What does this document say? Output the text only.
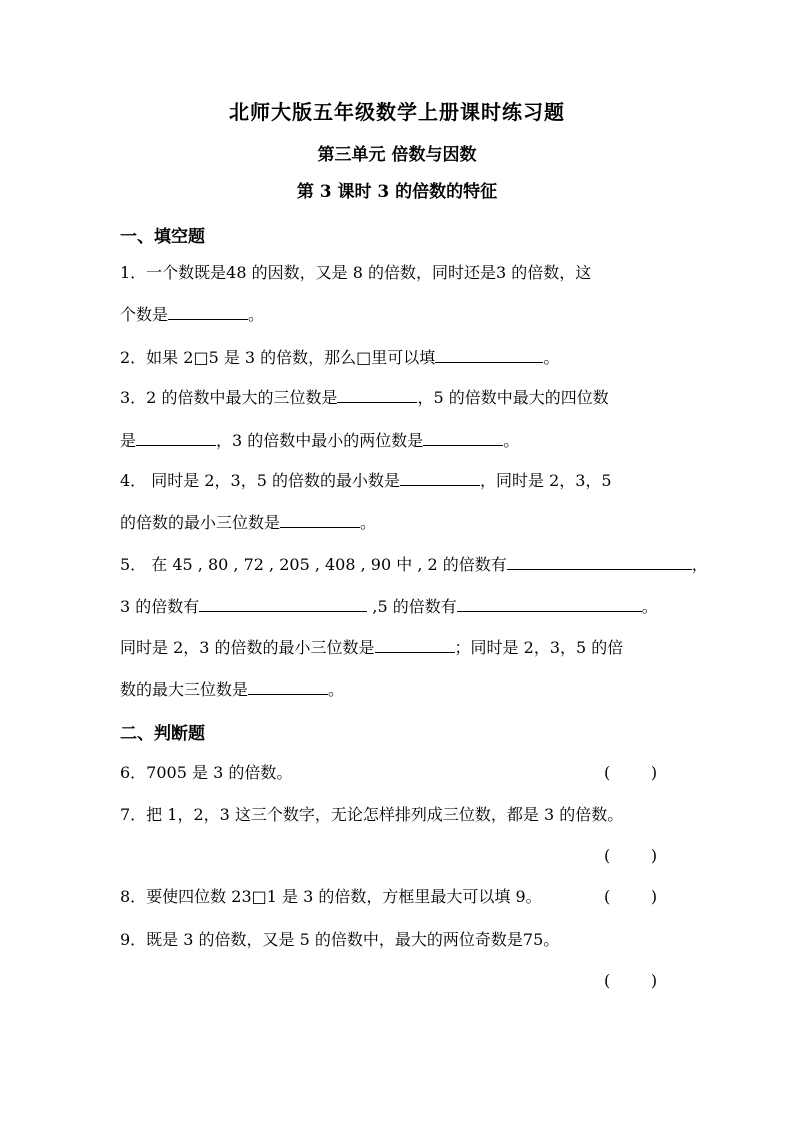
北师大版五年级数学上册课时练习题
第三单元 倍数与因数
第 3 课时 3 的倍数的特征
一、填空题
1．一个数既是48 的因数，又是 8 的倍数，同时还是3 的倍数，这
个数是	。
2．如果 2□5 是 3 的倍数，那么□里可以填	。
3．2 的倍数中最大的三位数是	，5 的倍数中最大的四位数
是	，3 的倍数中最小的两位数是	。
4． 同时是 2，3，5 的倍数的最小数是	，同时是 2，3，5
的倍数的最小三位数是	。
5． 在 45 , 80 , 72 , 205 , 408 , 90 中 , 2 的倍数有	，
3 的倍数有	,5 的倍数有	。
同时是 2，3 的倍数的最小三位数是	；同时是 2，3，5 的倍
数的最大三位数是	。
二、判断题
6．7005 是 3 的倍数。	(        )
7．把 1，2，3 这三个数字，无论怎样排列成三位数，都是 3 的倍数。
(        )
8．要使四位数 23□1 是 3 的倍数，方框里最大可以填 9。	(        )
9．既是 3 的倍数，又是 5 的倍数中，最大的两位奇数是75。
(        )
